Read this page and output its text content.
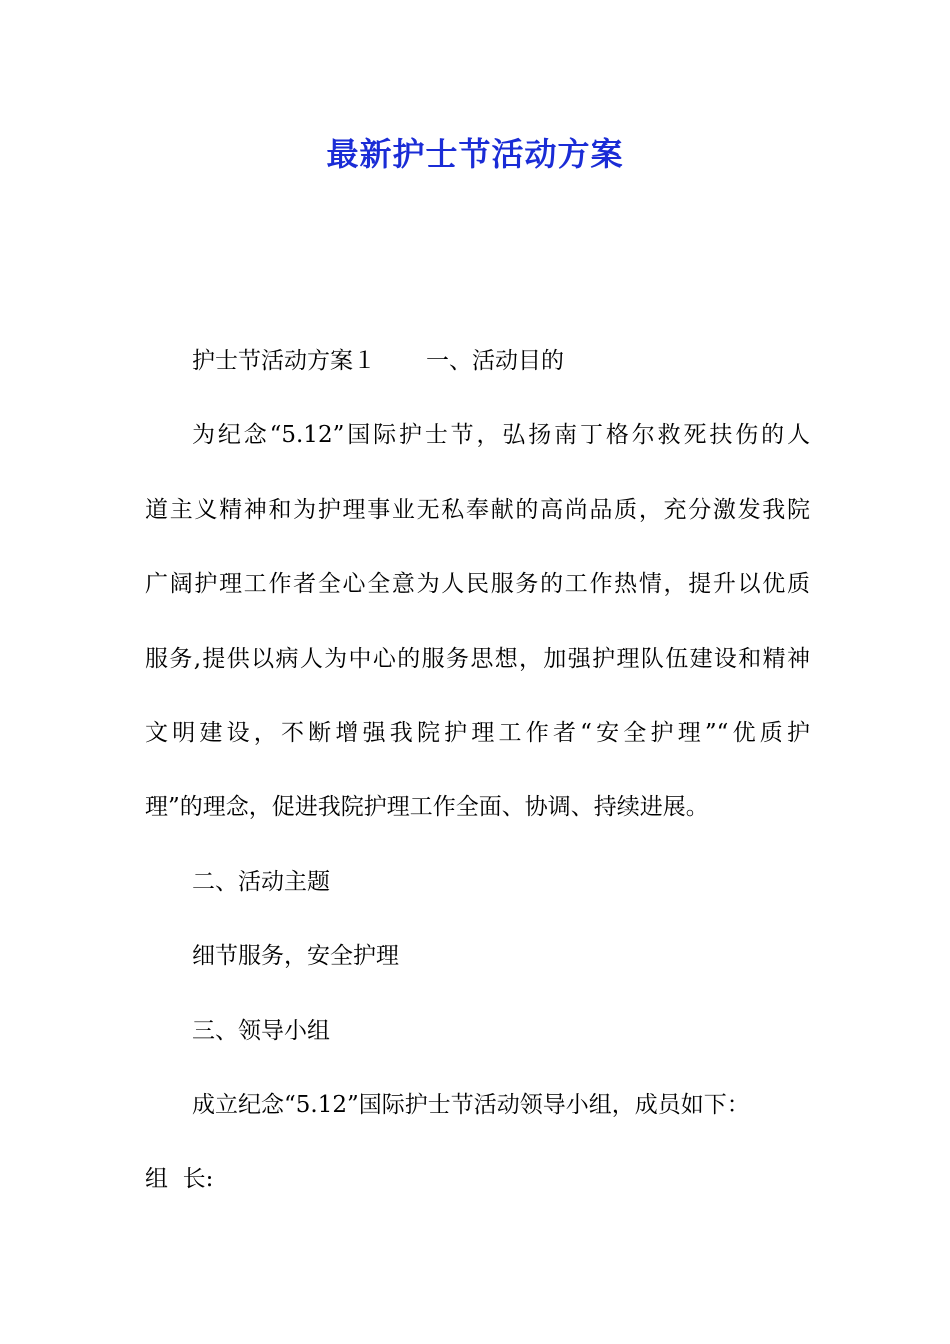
最新护士节活动方案

护士节活动方案１ 一、活动目的

为纪念“5.12”国际护士节，弘扬南丁格尔救死扶伤的人

道主义精神和为护理事业无私奉献的高尚品质，充分激发我院

广阔护理工作者全心全意为人民服务的工作热情，提升以优质

服务,提供以病人为中心的服务思想，加强护理队伍建设和精神

文明建设，不断增强我院护理工作者“安全护理”“优质护

理”的理念，促进我院护理工作全面、协调、持续进展。

二、活动主题

细节服务，安全护理

三、领导小组

成立纪念“5.12”国际护士节活动领导小组，成员如下：

组  长:
